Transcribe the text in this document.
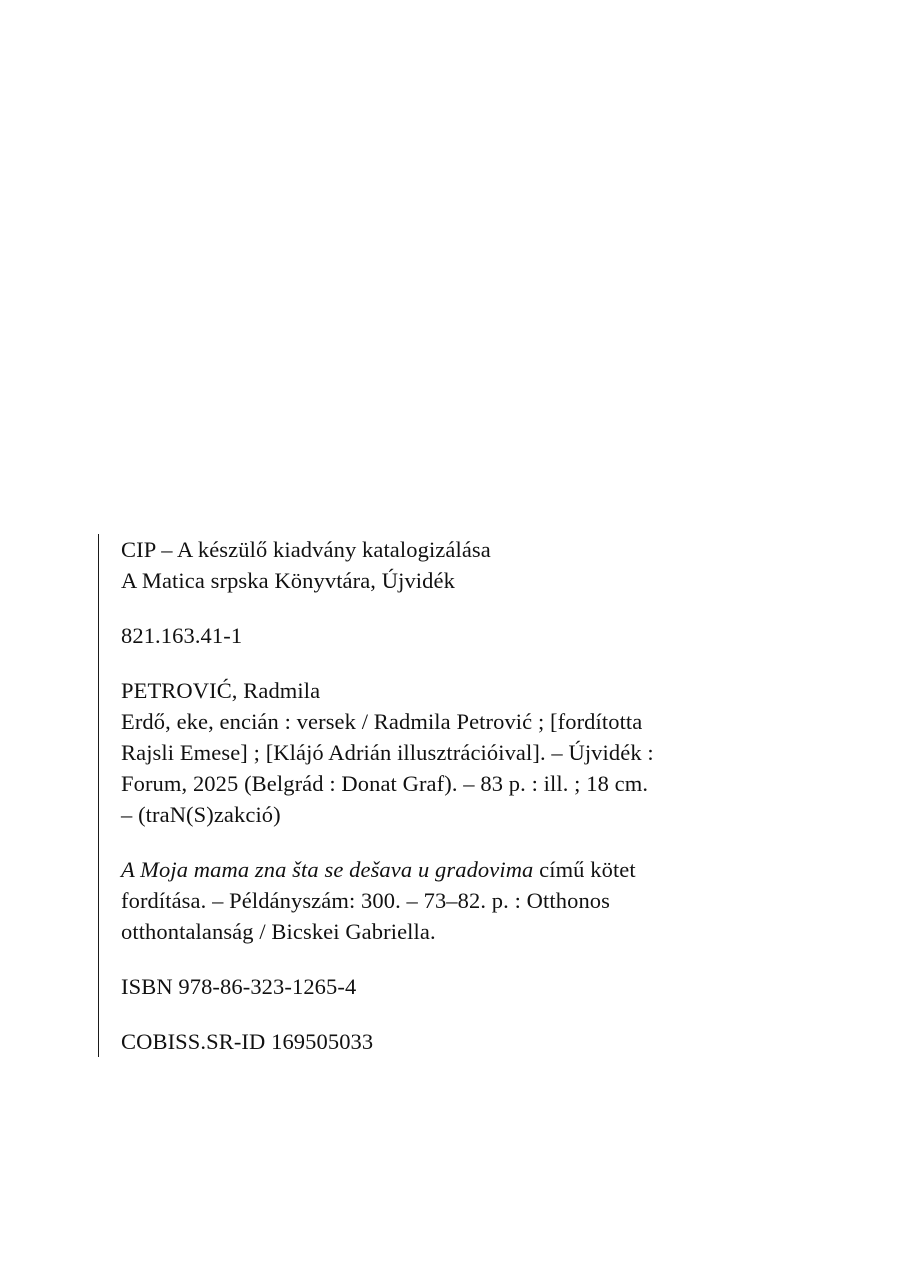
CIP – A készülő kiadvány katalogizálása
A Matica srpska Könyvtára, Újvidék

821.163.41-1

PETROVIĆ, Radmila
Erdő, eke, encián : versek / Radmila Petrović ; [fordította
Rajsli Emese] ; [Klájó Adrián illusztrációival]. – Újvidék :
Forum, 2025 (Belgrád : Donat Graf). – 83 p. : ill. ; 18 cm.
– (traN(S)zakció)

A Moja mama zna šta se dešava u gradovima című kötet
fordítása. – Példányszám: 300. – 73–82. p. : Otthonos
otthontalanság / Bicskei Gabriella.

ISBN 978-86-323-1265-4

COBISS.SR-ID 169505033
